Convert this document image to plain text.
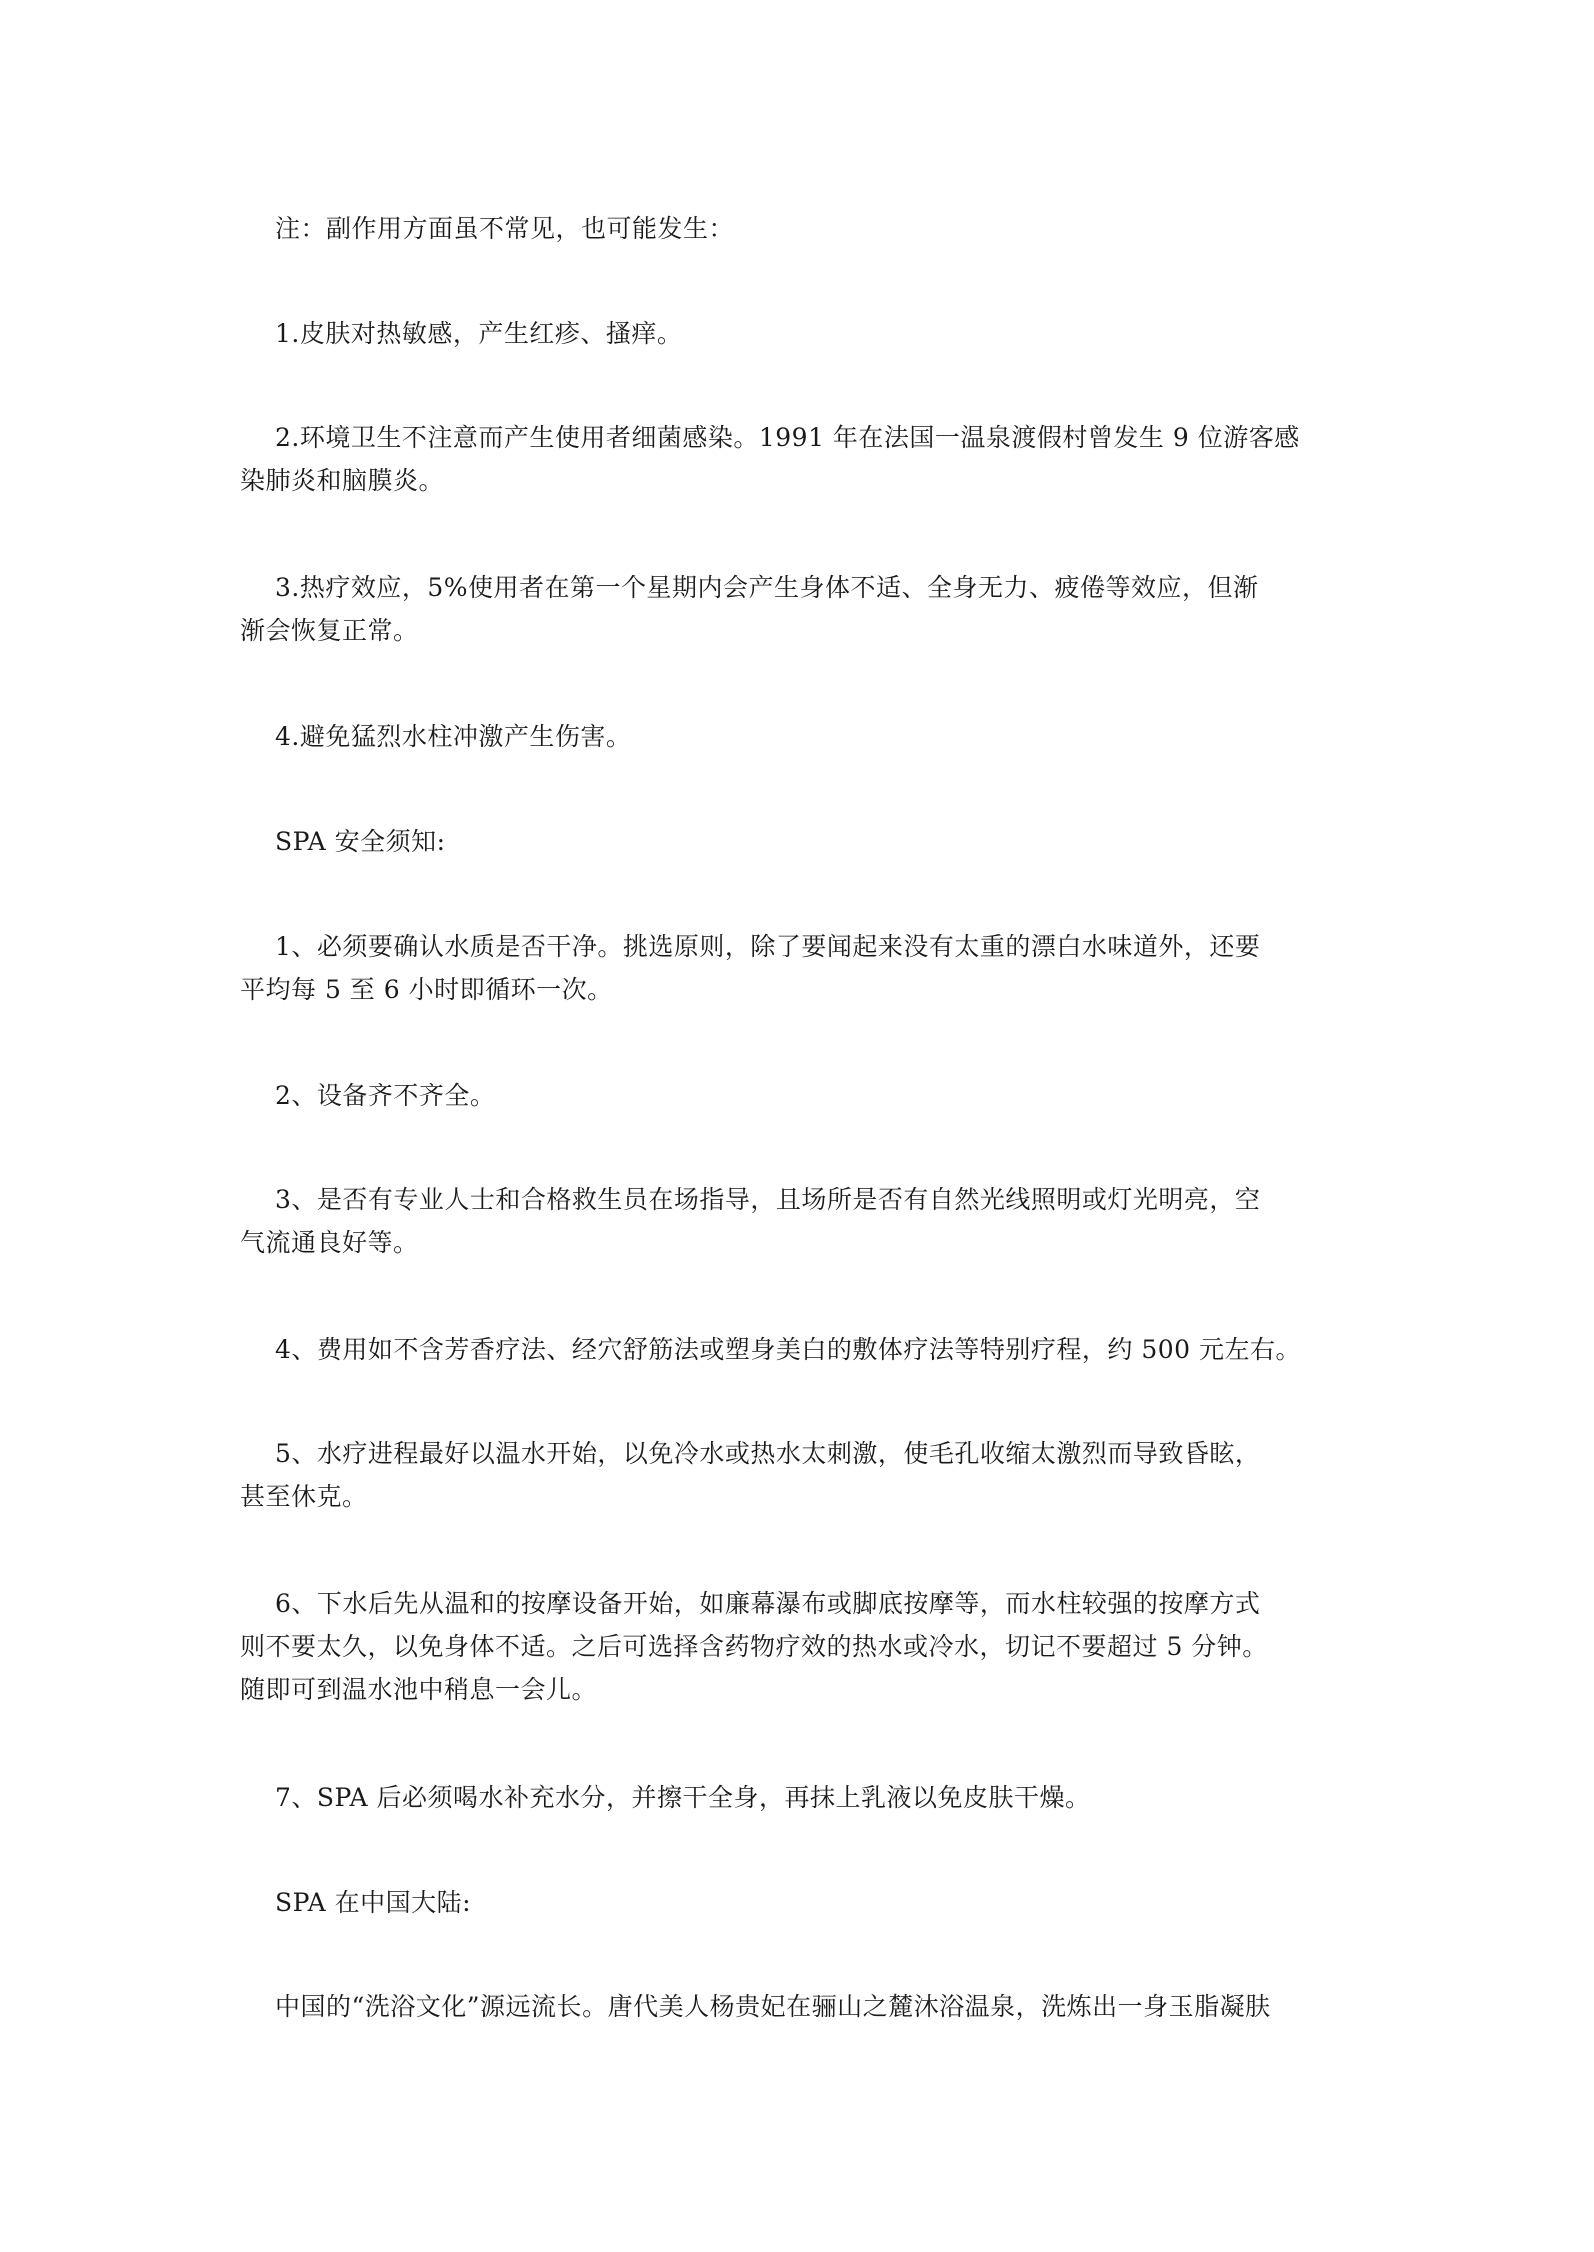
注：副作用方面虽不常见，也可能发生：

1.皮肤对热敏感，产生红疹、搔痒。

2.环境卫生不注意而产生使用者细菌感染。1991 年在法国一温泉渡假村曾发生 9 位游客感
染肺炎和脑膜炎。

3.热疗效应，5%使用者在第一个星期内会产生身体不适、全身无力、疲倦等效应，但渐
渐会恢复正常。

4.避免猛烈水柱冲激产生伤害。

SPA 安全须知:

1、必须要确认水质是否干净。挑选原则，除了要闻起来没有太重的漂白水味道外，还要
平均每 5 至 6 小时即循环一次。

2、设备齐不齐全。

3、是否有专业人士和合格救生员在场指导，且场所是否有自然光线照明或灯光明亮，空
气流通良好等。

4、费用如不含芳香疗法、经穴舒筋法或塑身美白的敷体疗法等特别疗程，约 500 元左右。

5、水疗进程最好以温水开始，以免冷水或热水太刺激，使毛孔收缩太激烈而导致昏眩，
甚至休克。

6、下水后先从温和的按摩设备开始，如廉幕瀑布或脚底按摩等，而水柱较强的按摩方式
则不要太久，以免身体不适。之后可选择含药物疗效的热水或冷水，切记不要超过 5 分钟。
随即可到温水池中稍息一会儿。

7、SPA 后必须喝水补充水分，并擦干全身，再抹上乳液以免皮肤干燥。

SPA 在中国大陆:

中国的“洗浴文化”源远流长。唐代美人杨贵妃在骊山之麓沐浴温泉，洗炼出一身玉脂凝肤
